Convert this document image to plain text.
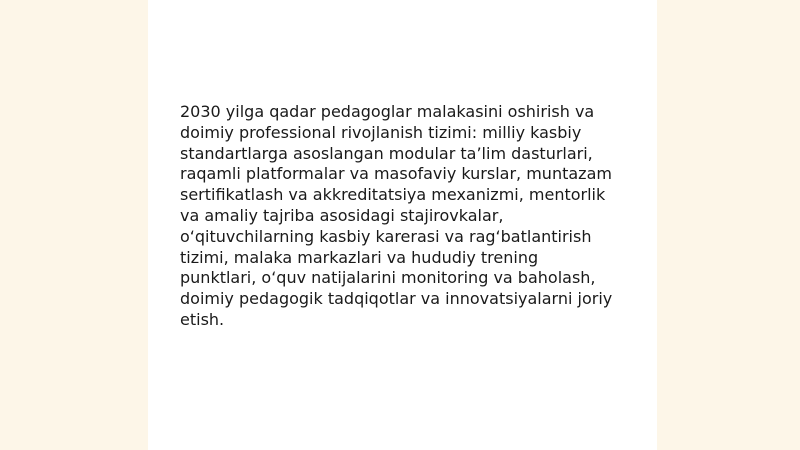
2030 yilga qadar pedagoglar malakasini oshirish va
doimiy professional rivojlanish tizimi: milliy kasbiy
standartlarga asoslangan modular ta’lim dasturlari,
raqamli platformalar va masofaviy kurslar, muntazam
sertifikatlash va akkreditatsiya mexanizmi, mentorlik
va amaliy tajriba asosidagi stajirovkalar,
o‘qituvchilarning kasbiy karerasi va rag‘batlantirish
tizimi, malaka markazlari va hududiy trening
punktlari, o‘quv natijalarini monitoring va baholash,
doimiy pedagogik tadqiqotlar va innovatsiyalarni joriy
etish.
